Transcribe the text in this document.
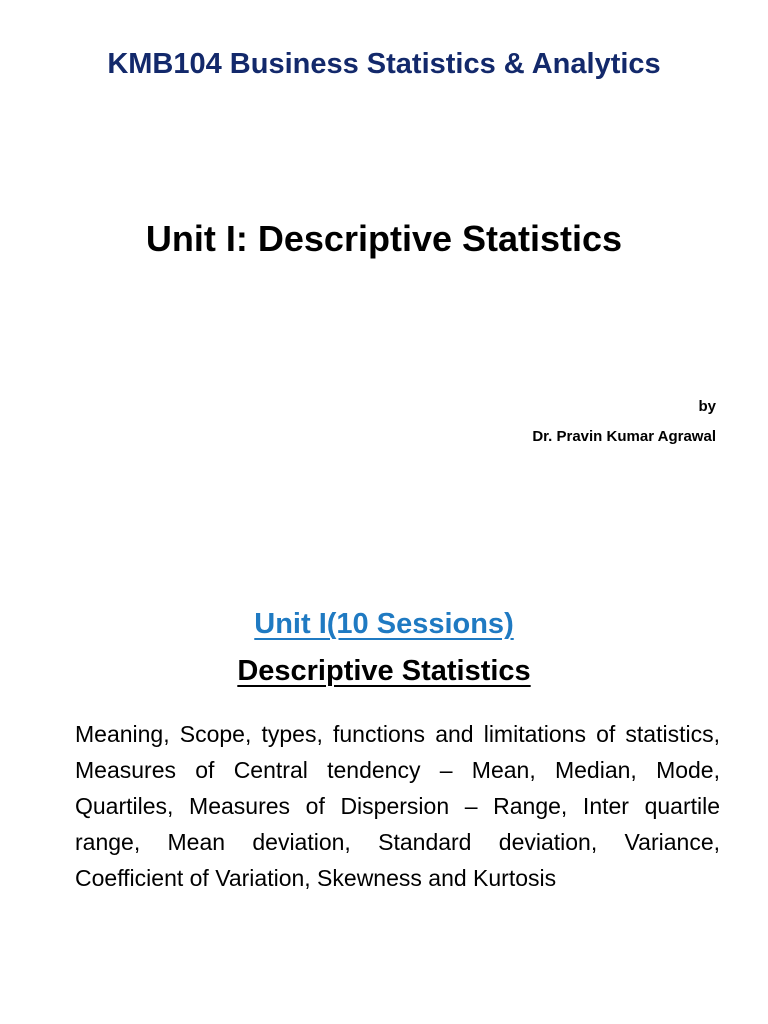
KMB104 Business Statistics & Analytics
Unit I: Descriptive Statistics
by
Dr. Pravin Kumar Agrawal
Unit I(10 Sessions)
Descriptive Statistics

Meaning, Scope, types, functions and limitations of statistics, Measures of Central tendency – Mean, Median, Mode, Quartiles, Measures of Dispersion – Range, Inter quartile range, Mean deviation, Standard deviation, Variance, Coefficient of Variation, Skewness and Kurtosis
